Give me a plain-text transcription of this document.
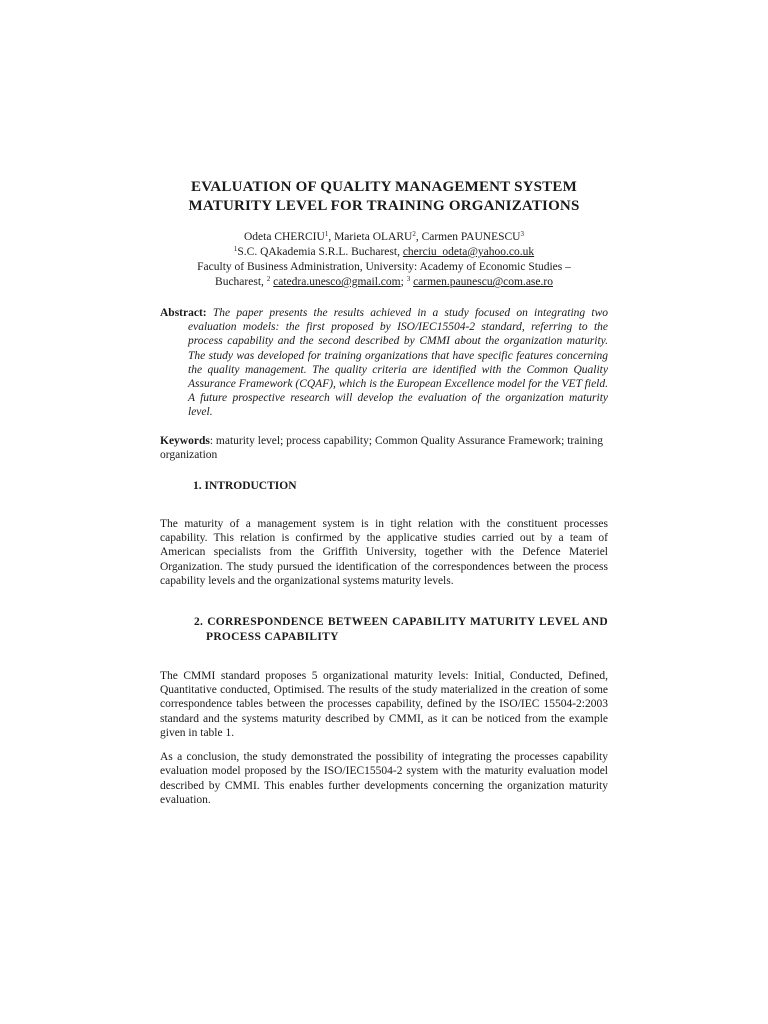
EVALUATION OF QUALITY MANAGEMENT SYSTEM
MATURITY LEVEL FOR TRAINING ORGANIZATIONS
Odeta CHERCIU$^1$, Marieta OLARU$^2$, Carmen PAUNESCU$^3$
$^1$S.C. QAkademia S.R.L. Bucharest, cherciu_odeta@yahoo.co.uk
Faculty of Business Administration, University: Academy of Economic Studies –
Bucharest, $^2$ catedra.unesco@gmail.com; $^3$ carmen.paunescu@com.ase.ro
Abstract: The paper presents the results achieved in a study focused on integrating two evaluation models: the first proposed by ISO/IEC15504-2 standard, referring to the process capability and the second described by CMMI about the organization maturity. The study was developed for training organizations that have specific features concerning the quality management. The quality criteria are identified with the Common Quality Assurance Framework (CQAF), which is the European Excellence model for the VET field. A future prospective research will develop the evaluation of the organization maturity level.
Keywords: maturity level; process capability; Common Quality Assurance Framework; training organization
1. INTRODUCTION
The maturity of a management system is in tight relation with the constituent processes capability. This relation is confirmed by the applicative studies carried out by a team of American specialists from the Griffith University, together with the Defence Materiel Organization. The study pursued the identification of the correspondences between the process capability levels and the organizational systems maturity levels.
2. CORRESPONDENCE BETWEEN CAPABILITY MATURITY LEVEL AND PROCESS CAPABILITY
The CMMI standard proposes 5 organizational maturity levels: Initial, Conducted, Defined, Quantitative conducted, Optimised. The results of the study materialized in the creation of some correspondence tables between the processes capability, defined by the ISO/IEC 15504-2:2003 standard and the systems maturity described by CMMI, as it can be noticed from the example given in table 1.
As a conclusion, the study demonstrated the possibility of integrating the processes capability evaluation model proposed by the ISO/IEC15504-2 system with the maturity evaluation model described by CMMI. This enables further developments concerning the organization maturity evaluation.
